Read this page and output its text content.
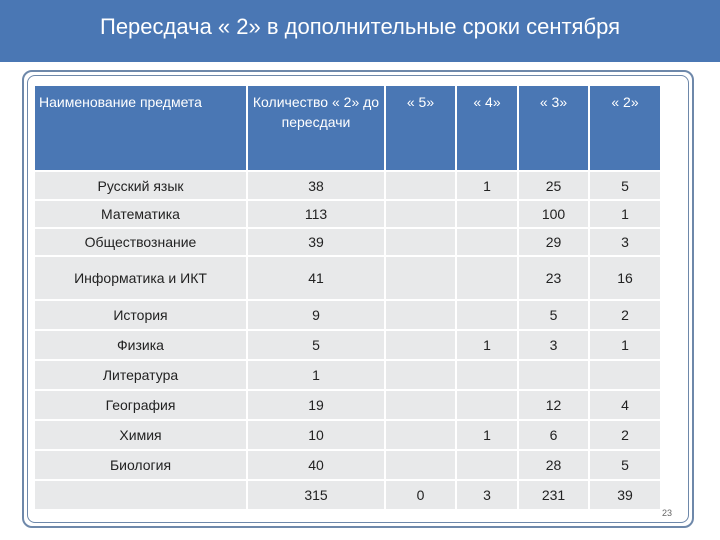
Пересдача « 2» в дополнительные сроки сентября
Наименование предмета	Количество « 2» до пересдачи	« 5»	« 4»	« 3»	« 2»
Русский язык	38		1	25	5
Математика	113			100	1
Обществознание	39			29	3
Информатика и ИКТ	41			23	16
История	9			5	2
Физика	5		1	3	1
Литература	1				
География	19			12	4
Химия	10		1	6	2
Биология	40			28	5
	315	0	3	231	39
23
